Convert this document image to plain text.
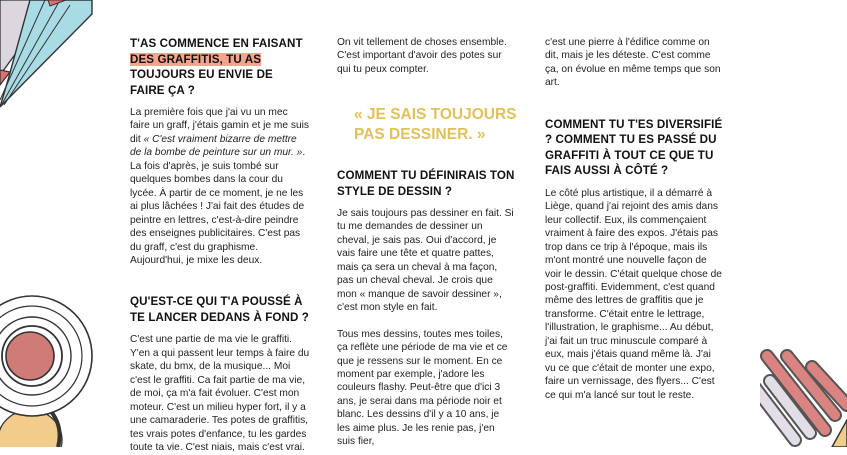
T'AS COMMENCE EN FAISANT
DES GRAFFITIS, TU AS
TOUJOURS EU ENVIE DE FAIRE ÇA ?

La première fois que j'ai vu un mec faire un graff, j'étais gamin et je me suis dit « C'est vraiment bizarre de mettre de la bombe de peinture sur un mur. ». La fois d'après, je suis tombé sur quelques bombes dans la cour du lycée. À partir de ce moment, je ne les ai plus lâchées ! J'ai fait des études de peintre en lettres, c'est-à-dire peindre des enseignes publicitaires. C'est pas du graff, c'est du graphisme. Aujourd'hui, je mixe les deux.

QU'EST-CE QUI T'A POUSSÉ À TE LANCER DEDANS À FOND ?

C'est une partie de ma vie le graffiti. Y'en a qui passent leur temps à faire du skate, du bmx, de la musique... Moi c'est le graffiti. Ca fait partie de ma vie, de moi, ça m'a fait évoluer. C'est mon moteur. C'est un milieu hyper fort, il y a une camaraderie. Tes potes de graffitis, tes vrais potes d'enfance, tu les gardes toute ta vie. C'est niais, mais c'est vrai.

On vit tellement de choses ensemble. C'est important d'avoir des potes sur qui tu peux compter.

« JE SAIS TOUJOURS PAS DESSINER. »
COMMENT TU DÉFINIRAIS TON STYLE DE DESSIN ?

Je sais toujours pas dessiner en fait. Si tu me demandes de dessiner un cheval, je sais pas. Oui d'accord, je vais faire une tête et quatre pattes, mais ça sera un cheval à ma façon, pas un cheval cheval. Je crois que mon « manque de savoir dessiner », c'est mon style en fait.

Tous mes dessins, toutes mes toiles, ça reflète une période de ma vie et ce que je ressens sur le moment. En ce moment par exemple, j'adore les couleurs flashy. Peut-être que d'ici 3 ans, je serai dans ma période noir et blanc. Les dessins d'il y a 10 ans, je les aime plus. Je les renie pas, j'en suis fier,

c'est une pierre à l'édifice comme on dit, mais je les déteste. C'est comme ça, on évolue en même temps que son art.

COMMENT TU T'ES DIVERSIFIÉ ? COMMENT TU ES PASSÉ DU GRAFFITI À TOUT CE QUE TU FAIS AUSSI À CÔTÉ ?

Le côté plus artistique, il a démarré à Liège, quand j'ai rejoint des amis dans leur collectif. Eux, ils commençaient vraiment à faire des expos. J'étais pas trop dans ce trip à l'époque, mais ils m'ont montré une nouvelle façon de voir le dessin. C'était quelque chose de post-graffiti. Evidemment, c'est quand même des lettres de graffitis que je transforme. C'était entre le lettrage, l'illustration, le graphisme... Au début, j'ai fait un truc minuscule comparé à eux, mais j'étais quand même là. J'ai vu ce que c'était de monter une expo, faire un vernissage, des flyers... C'est ce qui m'a lancé sur tout le reste.
